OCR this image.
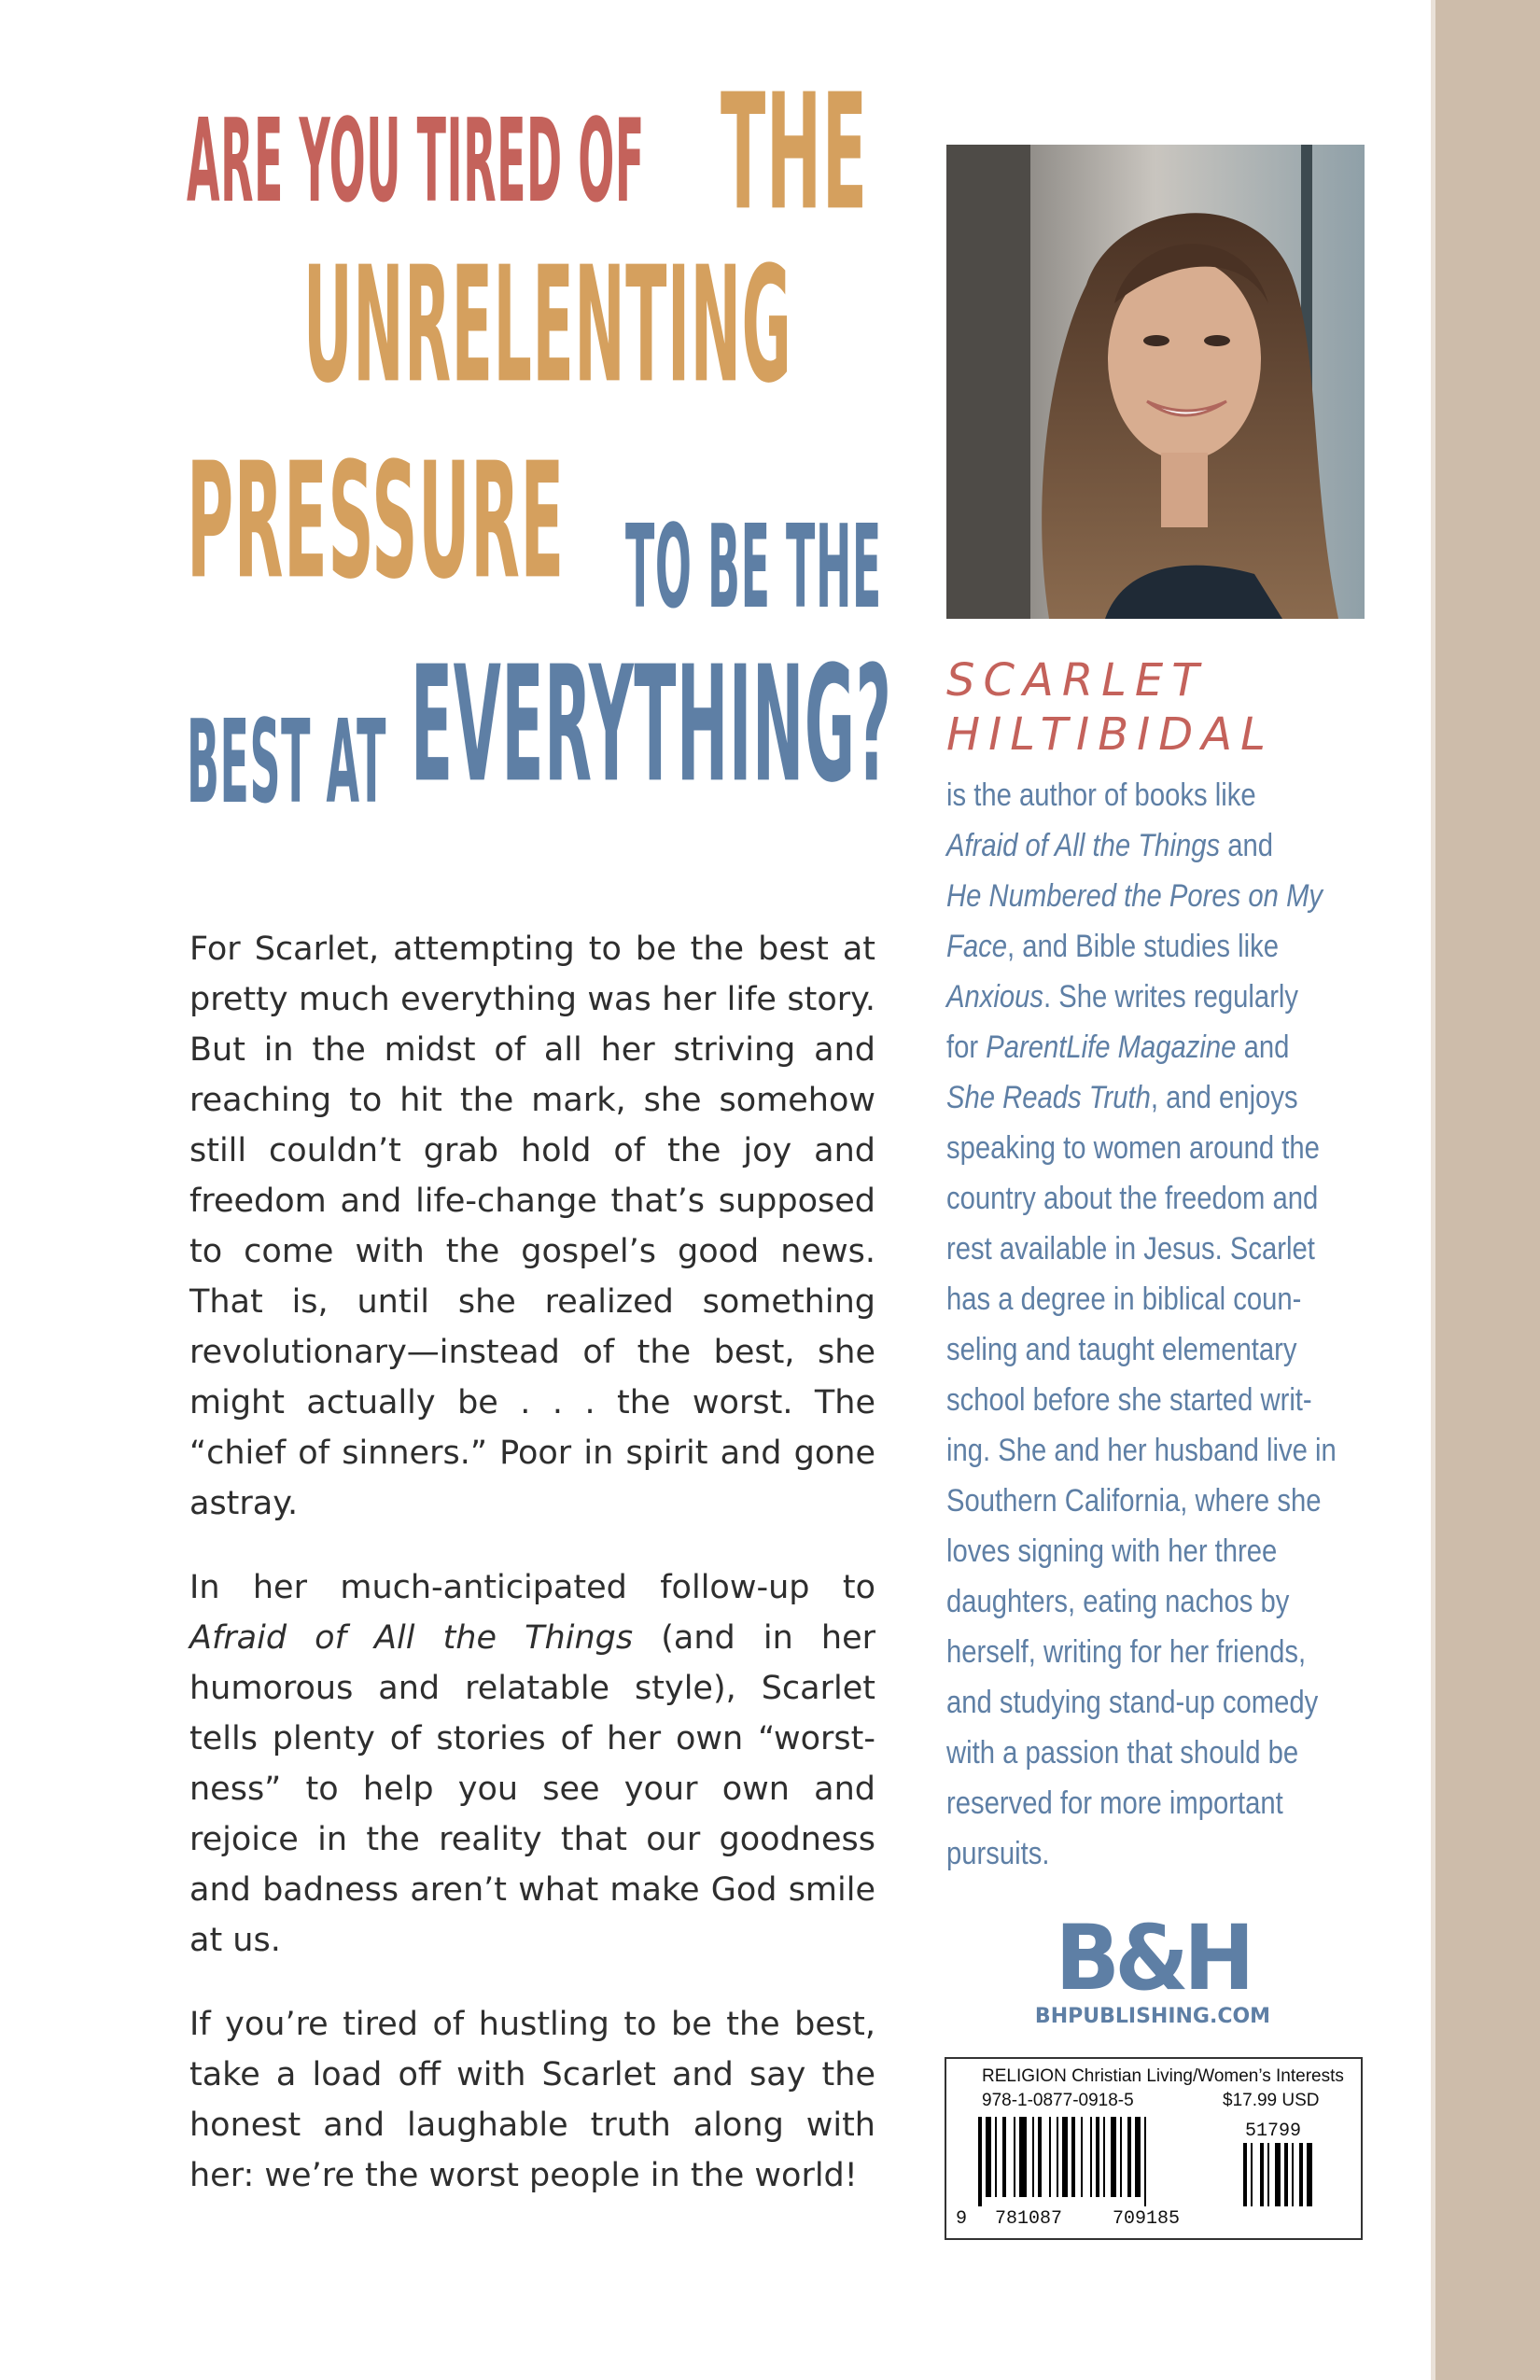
ARE YOU TIRED OF THE
UNRELENTING
PRESSURE TO BE THE
BEST AT EVERYTHING?

For Scarlet, attempting to be the best at pretty much everything was her life story. But in the midst of all her striving and reaching to hit the mark, she somehow still couldn’t grab hold of the joy and freedom and life-change that’s supposed to come with the gospel’s good news. That is, until she realized something revolutionary—instead of the best, she might actually be . . . the worst. The “chief of sinners.” Poor in spirit and gone astray.

In her much-anticipated follow-up to Afraid of All the Things (and in her humorous and relatable style), Scarlet tells plenty of stories of her own “worstness” to help you see your own and rejoice in the reality that our goodness and badness aren’t what make God smile at us.

If you’re tired of hustling to be the best, take a load off with Scarlet and say the honest and laughable truth along with her: we’re the worst people in the world!

SCARLET
HILTIBIDAL
is the author of books like
Afraid of All the Things and
He Numbered the Pores on My
Face, and Bible studies like
Anxious. She writes regularly
for ParentLife Magazine and
She Reads Truth, and enjoys
speaking to women around the
country about the freedom and
rest available in Jesus. Scarlet
has a degree in biblical coun-
seling and taught elementary
school before she started writ-
ing. She and her husband live in
Southern California, where she
loves signing with her three
daughters, eating nachos by
herself, writing for her friends,
and studying stand-up comedy
with a passion that should be
reserved for more important
pursuits.
B&H
BHPUBLISHING.COM
RELIGION Christian Living/Women’s Interests
978-1-0877-0918-5	$17.99 USD
9 781087	709185
51799
